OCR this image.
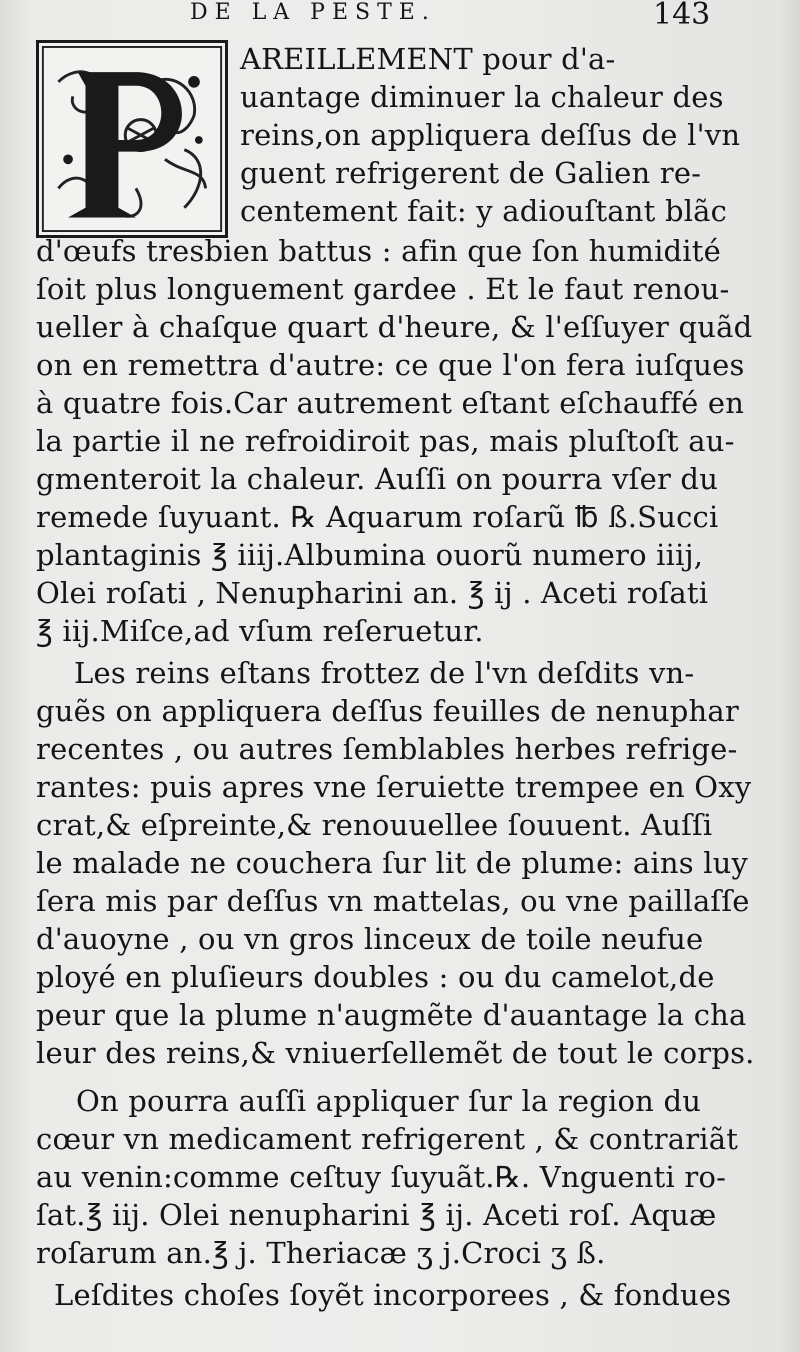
DE LA PESTE.	143
AREILLEMENT pour d'a-
uantage diminuer la chaleur des
reins,on appliquera deſſus de l'vn
guent refrigerent de Galien re-
centement fait: y adiouſtant blãc
d'œufs tresbien battus : afin que ſon humidité
ſoit plus longuement gardee . Et le faut renou-
ueller à chaſque quart d'heure, & l'eſſuyer quãd
on en remettra d'autre: ce que l'on fera iuſques
à quatre fois.Car autrement eſtant eſchauffé en
la partie il ne refroidiroit pas, mais pluſtoſt au-
gmenteroit la chaleur. Auſſi on pourra vſer du
remede ſuyuant. ℞ Aquarum roſarũ ℔ ß.Succi
plantaginis ℥ iiij.Albumina ouorũ numero iiij,
Olei roſati , Nenupharini an. ℥ ij . Aceti roſati
℥ iij.Miſce,ad vſum reſeruetur.
Les reins eſtans frottez de l'vn deſdits vn-
guẽs on appliquera deſſus feuilles de nenuphar
recentes , ou autres ſemblables herbes refrige-
rantes: puis apres vne ſeruiette trempee en Oxy
crat,& eſpreinte,& renouuellee ſouuent. Auſſi
le malade ne couchera ſur lit de plume: ains luy
ſera mis par deſſus vn mattelas, ou vne paillaſſe
d'auoyne , ou vn gros linceux de toile neufue
ployé en pluſieurs doubles : ou du camelot,de
peur que la plume n'augmẽte d'auantage la cha
leur des reins,& vniuerſellemẽt de tout le corps.
On pourra auſſi appliquer ſur la region du
cœur vn medicament refrigerent , & contrariãt
au venin:comme ceſtuy ſuyuãt.℞. Vnguenti ro-
ſat.℥ iij. Olei nenupharini ℥ ij. Aceti roſ. Aquæ
roſarum an.℥ j. Theriacæ ʒ j.Croci ʒ ß.
Leſdites choſes ſoyẽt incorporees , & fondues
